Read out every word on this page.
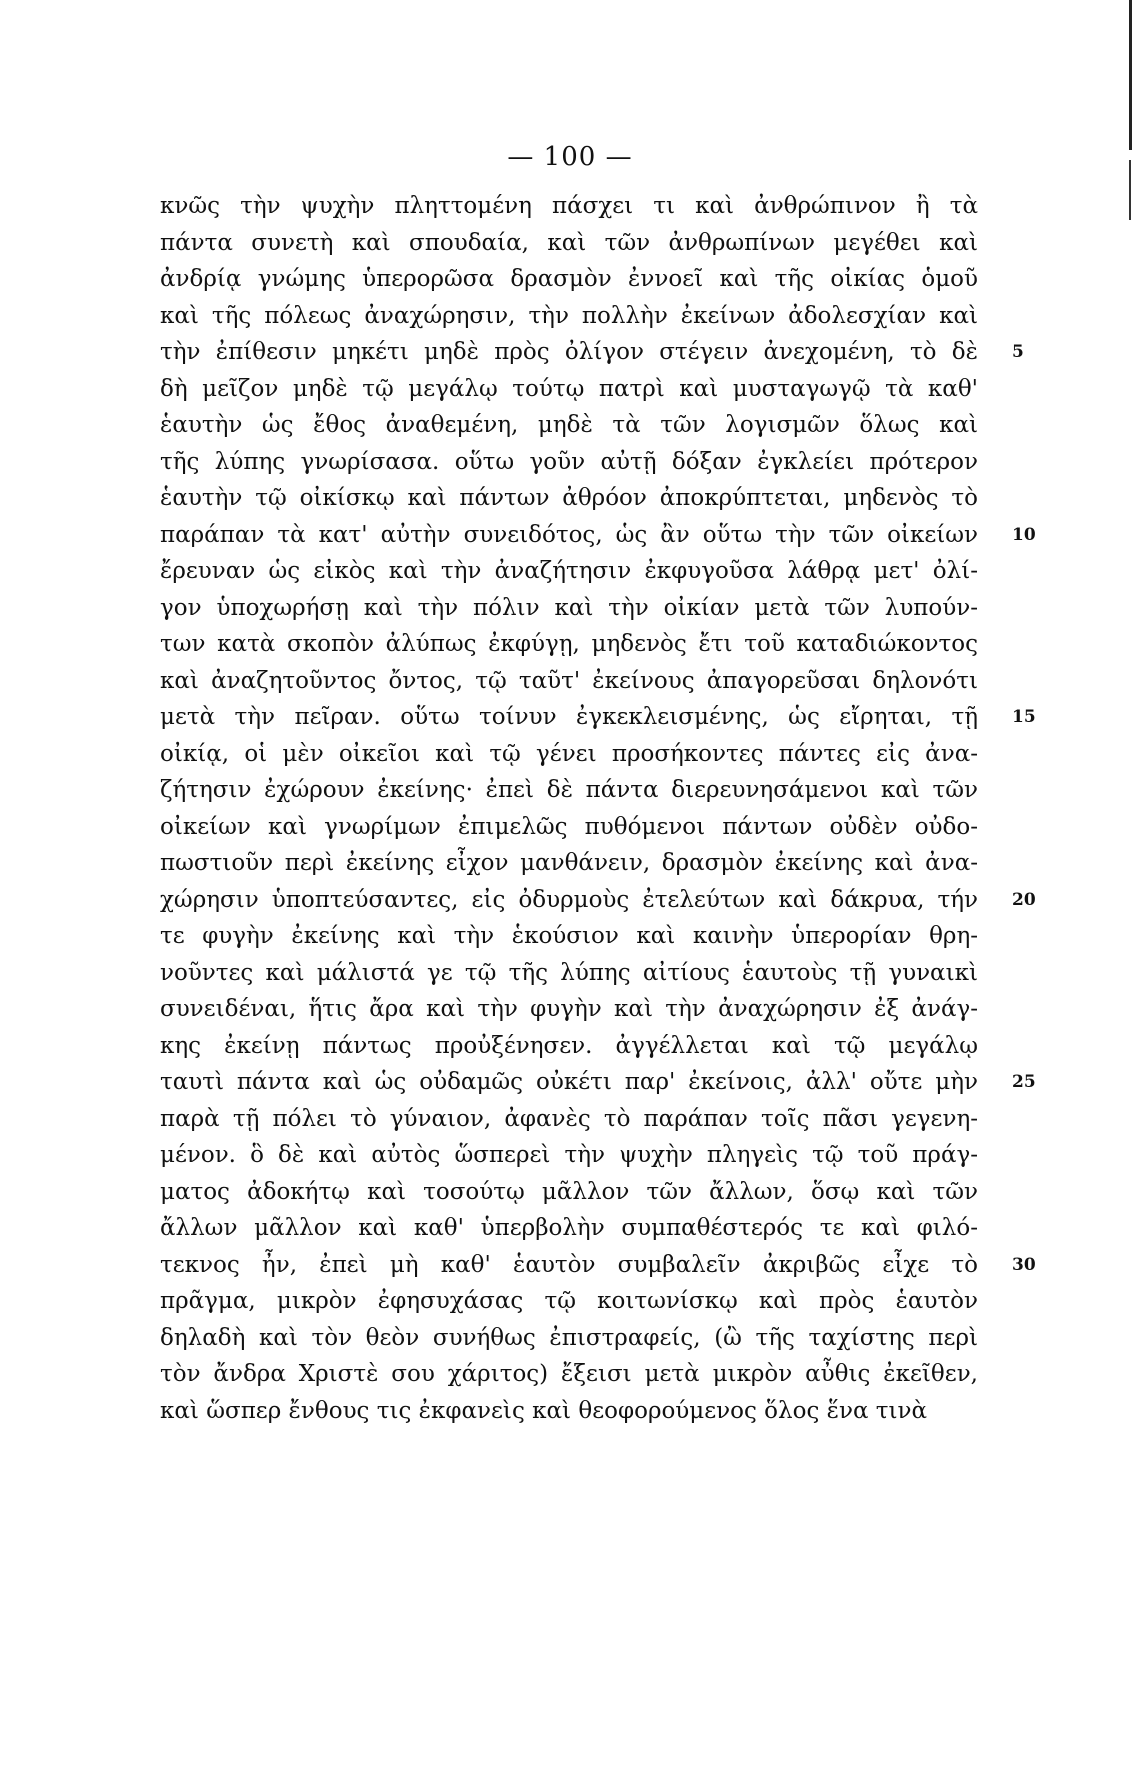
— 100 —
κνῶς τὴν ψυχὴν πληττομένη πάσχει τι καὶ ἀνθρώπινον ἢ τὰ
πάντα συνετὴ καὶ σπουδαία, καὶ τῶν ἀνθρωπίνων μεγέθει καὶ
ἀνδρίᾳ γνώμης ὑπερορῶσα δρασμὸν ἐννοεῖ καὶ τῆς οἰκίας ὁμοῦ
καὶ τῆς πόλεως ἀναχώρησιν, τὴν πολλὴν ἐκείνων ἀδολεσχίαν καὶ
τὴν ἐπίθεσιν μηκέτι μηδὲ πρὸς ὀλίγον στέγειν ἀνεχομένη, τὸ δὲ
δὴ μεῖζον μηδὲ τῷ μεγάλῳ τούτῳ πατρὶ καὶ μυσταγωγῷ τὰ καθ'
ἑαυτὴν ὡς ἔθος ἀναθεμένη, μηδὲ τὰ τῶν λογισμῶν ὅλως καὶ
τῆς λύπης γνωρίσασα. οὕτω γοῦν αὐτῇ δόξαν ἐγκλείει πρότερον
ἑαυτὴν τῷ οἰκίσκῳ καὶ πάντων ἀθρόον ἀποκρύπτεται, μηδενὸς τὸ
παράπαν τὰ κατ' αὐτὴν συνειδότος, ὡς ἂν οὕτω τὴν τῶν οἰκείων
ἔρευναν ὡς εἰκὸς καὶ τὴν ἀναζήτησιν ἐκφυγοῦσα λάθρᾳ μετ' ὀλί-
γον ὑποχωρήσῃ καὶ τὴν πόλιν καὶ τὴν οἰκίαν μετὰ τῶν λυπούν-
των κατὰ σκοπὸν ἀλύπως ἐκφύγῃ, μηδενὸς ἔτι τοῦ καταδιώκοντος
καὶ ἀναζητοῦντος ὄντος, τῷ ταῦτ' ἐκείνους ἀπαγορεῦσαι δηλονότι
μετὰ τὴν πεῖραν. οὕτω τοίνυν ἐγκεκλεισμένης, ὡς εἴρηται, τῇ
οἰκίᾳ, οἱ μὲν οἰκεῖοι καὶ τῷ γένει προσήκοντες πάντες εἰς ἀνα-
ζήτησιν ἐχώρουν ἐκείνης· ἐπεὶ δὲ πάντα διερευνησάμενοι καὶ τῶν
οἰκείων καὶ γνωρίμων ἐπιμελῶς πυθόμενοι πάντων οὐδὲν οὐδο-
πωστιοῦν περὶ ἐκείνης εἶχον μανθάνειν, δρασμὸν ἐκείνης καὶ ἀνα-
χώρησιν ὑποπτεύσαντες, εἰς ὀδυρμοὺς ἐτελεύτων καὶ δάκρυα, τήν
τε φυγὴν ἐκείνης καὶ τὴν ἑκούσιον καὶ καινὴν ὑπερορίαν θρη-
νοῦντες καὶ μάλιστά γε τῷ τῆς λύπης αἰτίους ἑαυτοὺς τῇ γυναικὶ
συνειδέναι, ἥτις ἄρα καὶ τὴν φυγὴν καὶ τὴν ἀναχώρησιν ἐξ ἀνάγ-
κης ἐκείνῃ πάντως προὐξένησεν. ἀγγέλλεται καὶ τῷ μεγάλῳ
ταυτὶ πάντα καὶ ὡς οὐδαμῶς οὐκέτι παρ' ἐκείνοις, ἀλλ' οὔτε μὴν
παρὰ τῇ πόλει τὸ γύναιον, ἀφανὲς τὸ παράπαν τοῖς πᾶσι γεγενη-
μένον. ὃ δὲ καὶ αὐτὸς ὥσπερεὶ τὴν ψυχὴν πληγεὶς τῷ τοῦ πράγ-
ματος ἀδοκήτῳ καὶ τοσούτῳ μᾶλλον τῶν ἄλλων, ὅσῳ καὶ τῶν
ἄλλων μᾶλλον καὶ καθ' ὑπερβολὴν συμπαθέστερός τε καὶ φιλό-
τεκνος ἦν, ἐπεὶ μὴ καθ' ἑαυτὸν συμβαλεῖν ἀκριβῶς εἶχε τὸ
πρᾶγμα, μικρὸν ἐφησυχάσας τῷ κοιτωνίσκῳ καὶ πρὸς ἑαυτὸν
δηλαδὴ καὶ τὸν θεὸν συνήθως ἐπιστραφείς, (ὢ τῆς ταχίστης περὶ
τὸν ἄνδρα Χριστὲ σου χάριτος) ἔξεισι μετὰ μικρὸν αὖθις ἐκεῖθεν,
καὶ ὥσπερ ἔνθους τις ἐκφανεὶς καὶ θεοφορούμενος ὅλος ἕνα τινὰ
5
10
15
20
25
30
